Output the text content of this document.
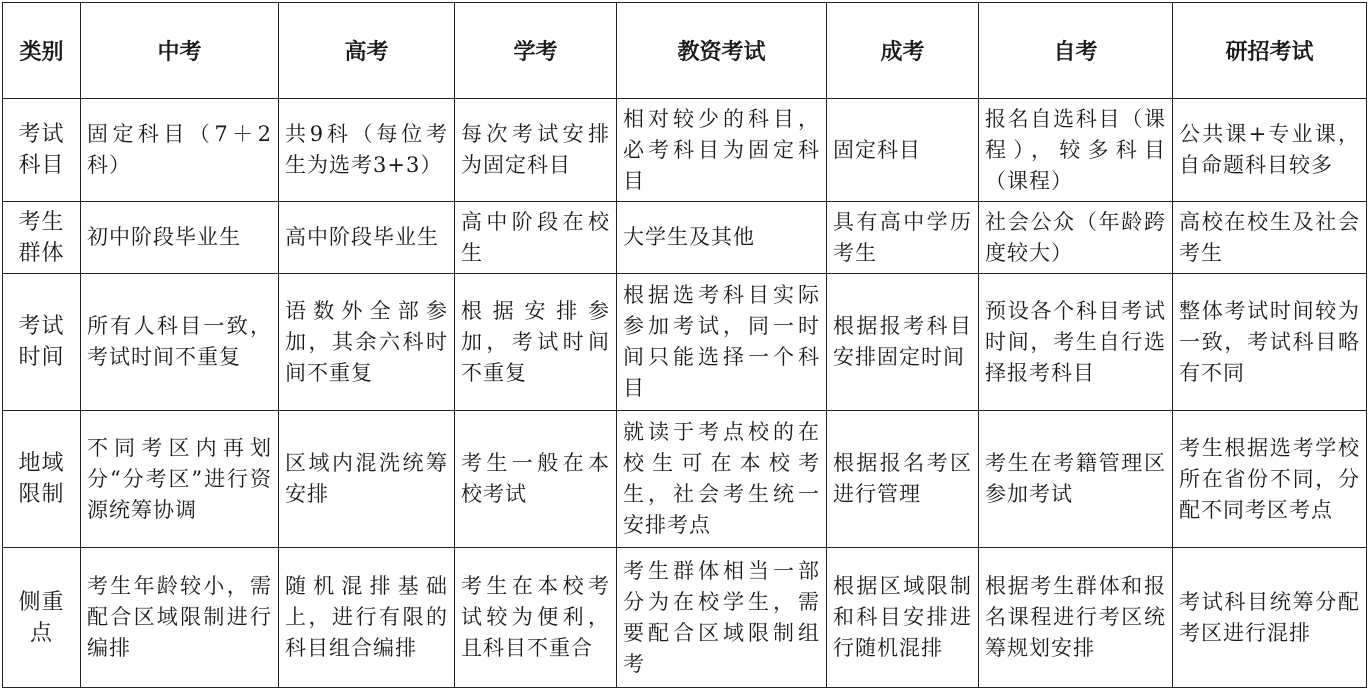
类别	中考	高考	学考	教资考试	成考	自考	研招考试

考试科目	固定科目（7＋2科）	共9科（每位考生为选考3+3）	每次考试安排为固定科目	相对较少的科目，必考科目为固定科目	固定科目	报名自选科目（课程），较多科目（课程）	公共课+专业课，自命题科目较多

考生群体	初中阶段毕业生	高中阶段毕业生	高中阶段在校生	大学生及其他	具有高中学历考生	社会公众（年龄跨度较大）	高校在校生及社会考生

考试时间	所有人科目一致，考试时间不重复	语数外全部参加，其余六科时间不重复	根据安排参加，考试时间不重复	根据选考科目实际参加考试，同一时间只能选择一个科目	根据报考科目安排固定时间	预设各个科目考试时间，考生自行选择报考科目	整体考试时间较为一致，考试科目略有不同

地域限制	不同考区内再划分“分考区”进行资源统筹协调	区域内混洗统筹安排	考生一般在本校考试	就读于考点校的在校生可在本校考生，社会考生统一安排考点	根据报名考区进行管理	考生在考籍管理区参加考试	考生根据选考学校所在省份不同，分配不同考区考点

侧重点	考生年龄较小，需配合区域限制进行编排	随机混排基础上，进行有限的科目组合编排	考生在本校考试较为便利，且科目不重合	考生群体相当一部分为在校学生，需要配合区域限制组考	根据区域限制和科目安排进行随机混排	根据考生群体和报名课程进行考区统筹规划安排	考试科目统筹分配考区进行混排
